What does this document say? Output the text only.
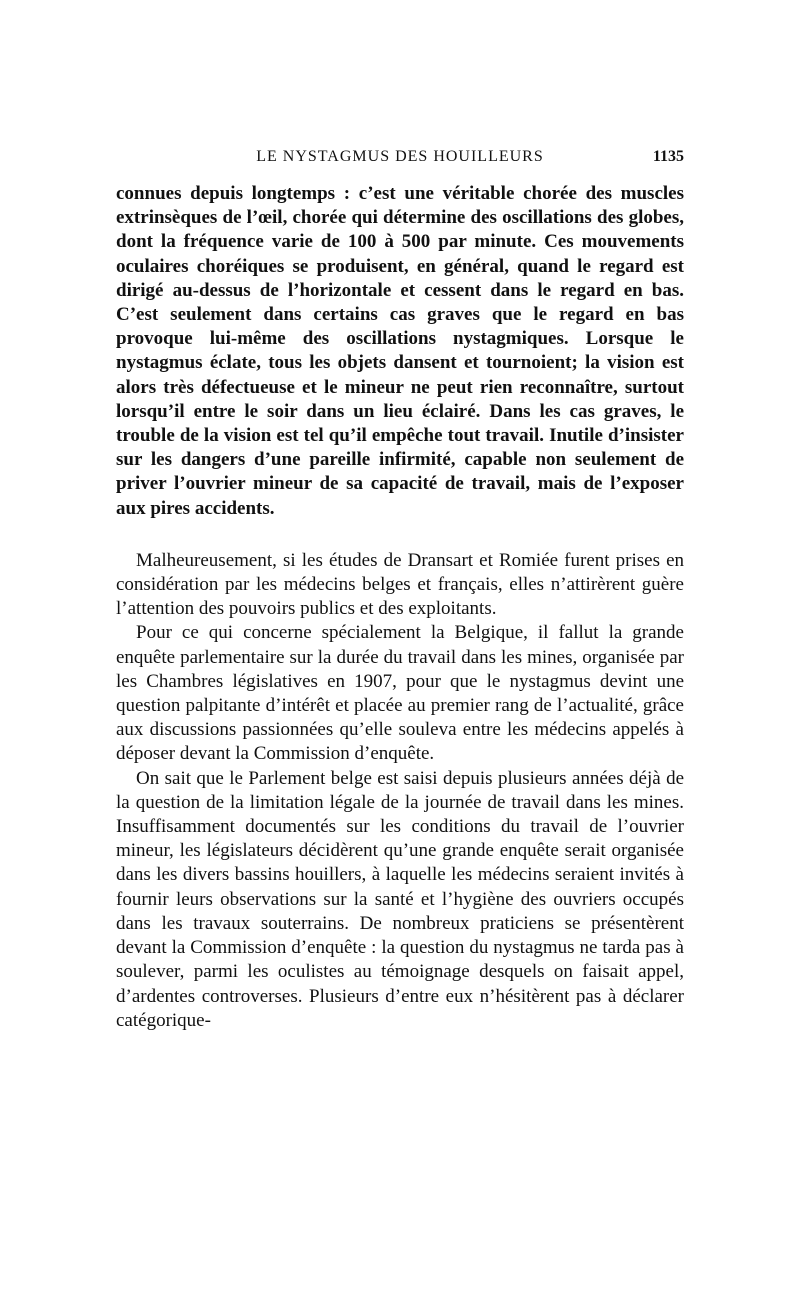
LE NYSTAGMUS DES HOUILLEURS	1135

connues depuis longtemps : c’est une véritable chorée des muscles extrinsèques de l’œil, chorée qui détermine des oscillations des globes, dont la fréquence varie de 100 à 500 par minute. Ces mouvements oculaires choréiques se produisent, en général, quand le regard est dirigé au-dessus de l’horizontale et cessent dans le regard en bas. C’est seulement dans certains cas graves que le regard en bas provoque lui-même des oscillations nystagmiques. Lorsque le nystagmus éclate, tous les objets dansent et tournoient; la vision est alors très défectueuse et le mineur ne peut rien reconnaître, surtout lorsqu’il entre le soir dans un lieu éclairé. Dans les cas graves, le trouble de la vision est tel qu’il empêche tout travail. Inutile d’insister sur les dangers d’une pareille infirmité, capable non seulement de priver l’ouvrier mineur de sa capacité de travail, mais de l’exposer aux pires accidents.

Malheureusement, si les études de Dransart et Romiée furent prises en considération par les médecins belges et français, elles n’attirèrent guère l’attention des pouvoirs publics et des exploitants.

Pour ce qui concerne spécialement la Belgique, il fallut la grande enquête parlementaire sur la durée du travail dans les mines, organisée par les Chambres législatives en 1907, pour que le nystagmus devint une question palpitante d’intérêt et placée au premier rang de l’actualité, grâce aux discussions passionnées qu’elle souleva entre les médecins appelés à déposer devant la Commission d’enquête.

On sait que le Parlement belge est saisi depuis plusieurs années déjà de la question de la limitation légale de la journée de travail dans les mines. Insuffisamment documentés sur les conditions du travail de l’ouvrier mineur, les législateurs décidèrent qu’une grande enquête serait organisée dans les divers bassins houillers, à laquelle les médecins seraient invités à fournir leurs observations sur la santé et l’hygiène des ouvriers occupés dans les travaux souterrains. De nombreux praticiens se présentèrent devant la Commission d’enquête : la question du nystagmus ne tarda pas à soulever, parmi les oculistes au témoignage desquels on faisait appel, d’ardentes controverses. Plusieurs d’entre eux n’hésitèrent pas à déclarer catégorique-
